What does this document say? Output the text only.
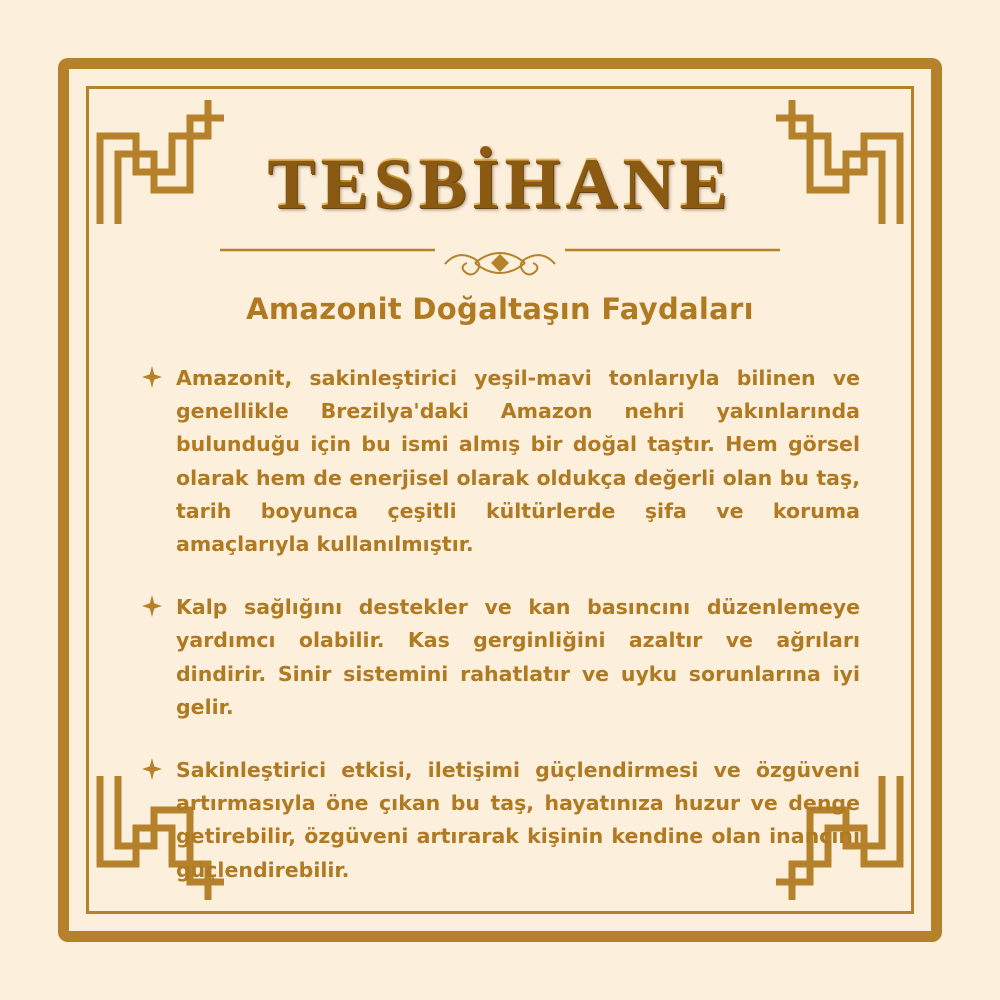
TESBİHANE
Amazonit Doğaltaşın Faydaları

Amazonit, sakinleştirici yeşil-mavi tonlarıyla bilinen ve genellikle Brezilya'daki Amazon nehri yakınlarında bulunduğu için bu ismi almış bir doğal taştır. Hem görsel olarak hem de enerjisel olarak oldukça değerli olan bu taş, tarih boyunca çeşitli kültürlerde şifa ve koruma amaçlarıyla kullanılmıştır.

Kalp sağlığını destekler ve kan basıncını düzenlemeye yardımcı olabilir. Kas gerginliğini azaltır ve ağrıları dindirir. Sinir sistemini rahatlatır ve uyku sorunlarına iyi gelir.

Sakinleştirici etkisi, iletişimi güçlendirmesi ve özgüveni artırmasıyla öne çıkan bu taş, hayatınıza huzur ve denge getirebilir, özgüveni artırarak kişinin kendine olan inancını güçlendirebilir.
